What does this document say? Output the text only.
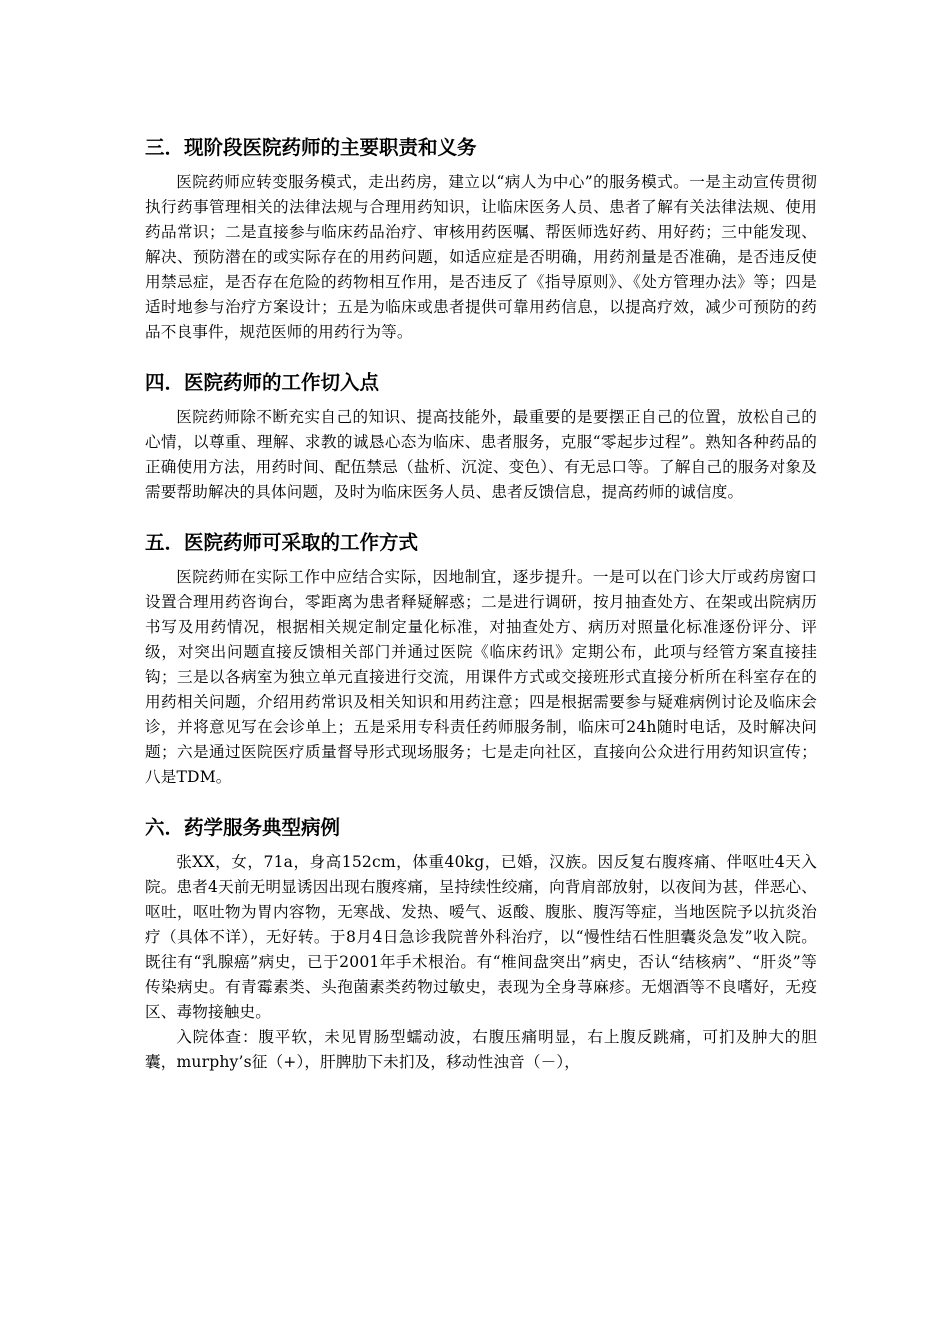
三．现阶段医院药师的主要职责和义务

医院药师应转变服务模式，走出药房，建立以“病人为中心”的服务模式。一是主动宣传贯彻执行药事管理相关的法律法规与合理用药知识，让临床医务人员、患者了解有关法律法规、使用药品常识；二是直接参与临床药品治疗、审核用药医嘱、帮医师选好药、用好药；三中能发现、解决、预防潜在的或实际存在的用药问题，如适应症是否明确，用药剂量是否准确，是否违反使用禁忌症，是否存在危险的药物相互作用，是否违反了《指导原则》、《处方管理办法》等；四是适时地参与治疗方案设计；五是为临床或患者提供可靠用药信息，以提高疗效，减少可预防的药品不良事件，规范医师的用药行为等。

四．医院药师的工作切入点

医院药师除不断充实自己的知识、提高技能外，最重要的是要摆正自己的位置，放松自己的心情，以尊重、理解、求教的诚恳心态为临床、患者服务，克服“零起步过程”。熟知各种药品的正确使用方法，用药时间、配伍禁忌（盐析、沉淀、变色）、有无忌口等。了解自己的服务对象及需要帮助解决的具体问题，及时为临床医务人员、患者反馈信息，提高药师的诚信度。

五．医院药师可采取的工作方式

医院药师在实际工作中应结合实际，因地制宜，逐步提升。一是可以在门诊大厅或药房窗口设置合理用药咨询台，零距离为患者释疑解惑；二是进行调研，按月抽查处方、在架或出院病历书写及用药情况，根据相关规定制定量化标准，对抽查处方、病历对照量化标准逐份评分、评级，对突出问题直接反馈相关部门并通过医院《临床药讯》定期公布，此项与经管方案直接挂钩；三是以各病室为独立单元直接进行交流，用课件方式或交接班形式直接分析所在科室存在的用药相关问题，介绍用药常识及相关知识和用药注意；四是根据需要参与疑难病例讨论及临床会诊，并将意见写在会诊单上；五是采用专科责任药师服务制，临床可24h随时电话，及时解决问题；六是通过医院医疗质量督导形式现场服务；七是走向社区，直接向公众进行用药知识宣传；八是TDM。

六．药学服务典型病例

张XX，女，71a，身高152cm，体重40kg，已婚，汉族。因反复右腹疼痛、伴呕吐4天入院。患者4天前无明显诱因出现右腹疼痛，呈持续性绞痛，向背肩部放射，以夜间为甚，伴恶心、呕吐，呕吐物为胃内容物，无寒战、发热、嗳气、返酸、腹胀、腹泻等症，当地医院予以抗炎治疗（具体不详），无好转。于8月4日急诊我院普外科治疗，以“慢性结石性胆囊炎急发”收入院。既往有“乳腺癌”病史，已于2001年手术根治。有“椎间盘突出”病史，否认“结核病”、“肝炎”等传染病史。有青霉素类、头孢菌素类药物过敏史，表现为全身荨麻疹。无烟酒等不良嗜好，无疫区、毒物接触史。

入院体查：腹平软，未见胃肠型蠕动波，右腹压痛明显，右上腹反跳痛，可扪及肿大的胆囊，murphy’s征（+），肝脾肋下未扪及，移动性浊音（－），
